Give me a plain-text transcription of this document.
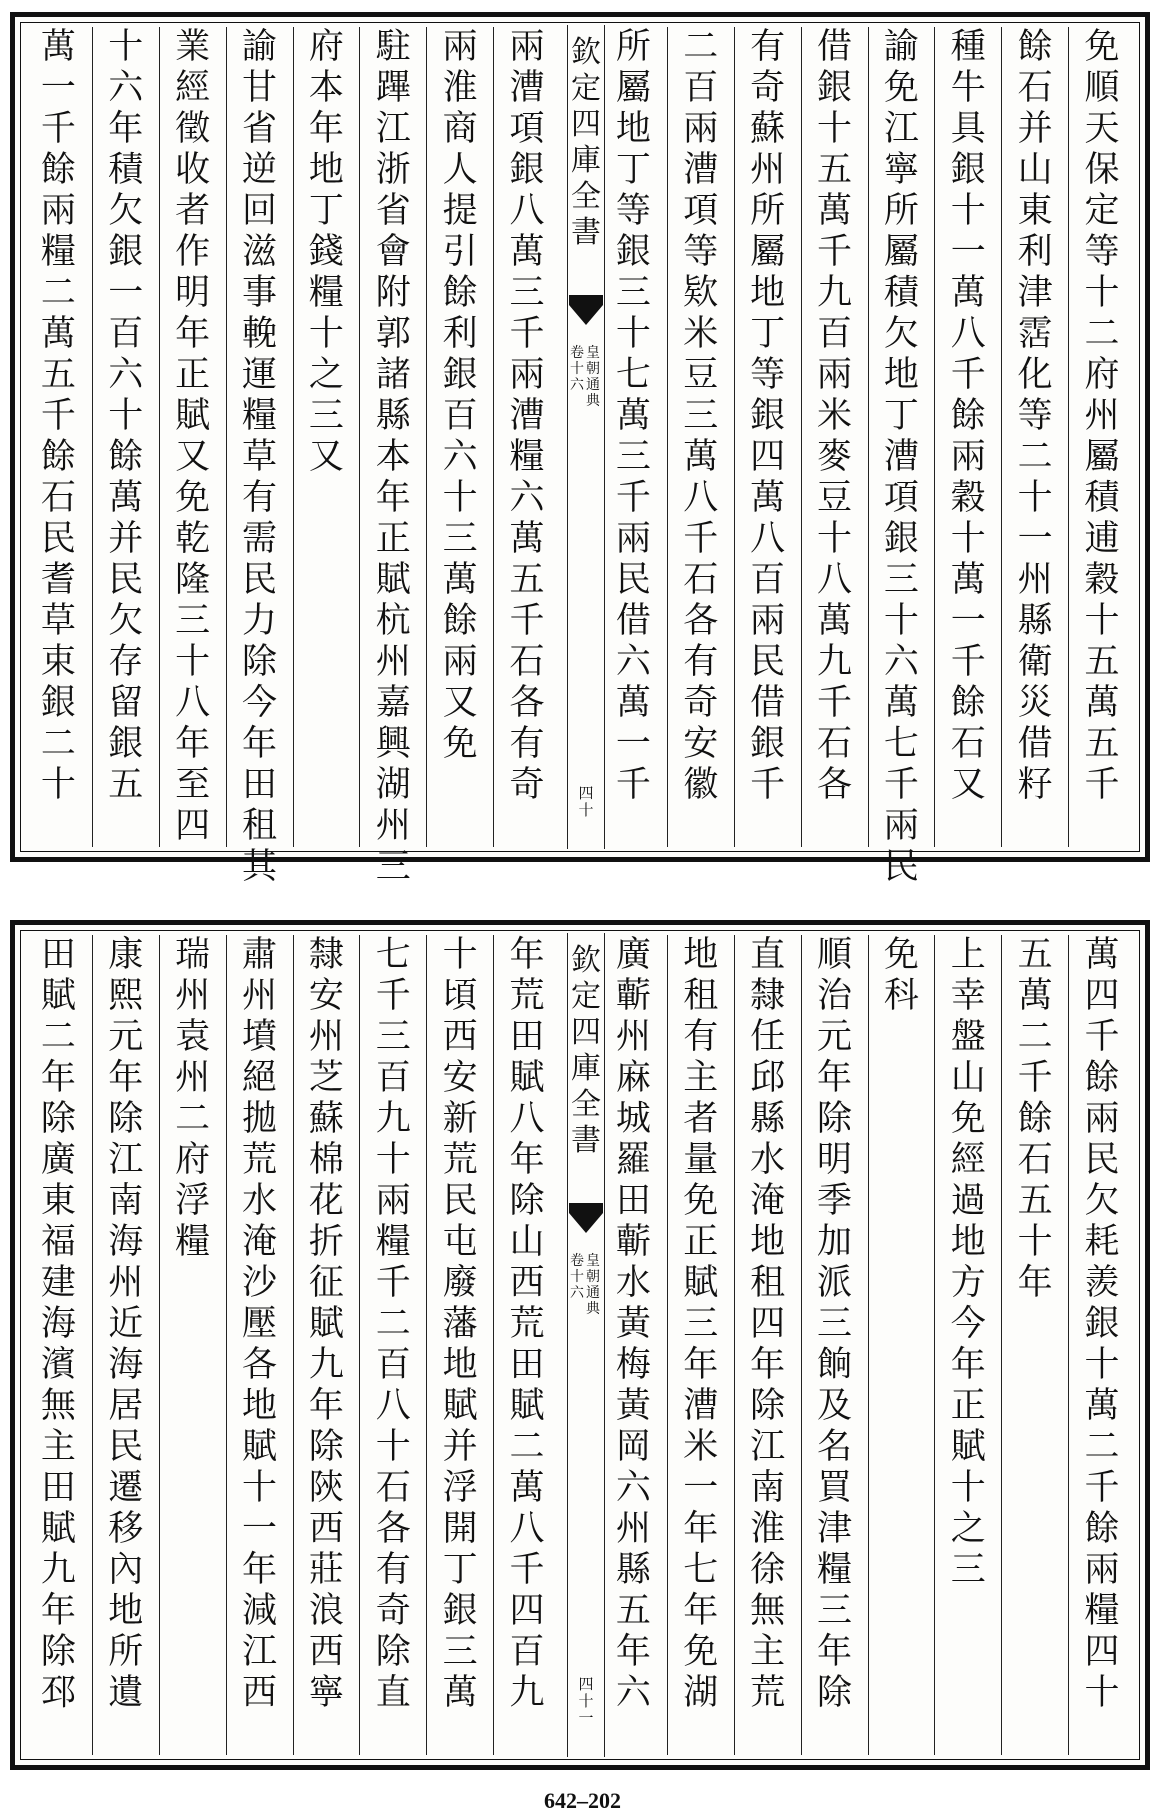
免
順
天
保
定
等
十
二
府
州
屬
積
逋
穀
十
五
萬
五
千
餘
石
并
山
東
利
津
霑
化
等
二
十
一
州
縣
衛
災
借
籽
種
牛
具
銀
十
一
萬
八
千
餘
兩
穀
十
萬
一
千
餘
石
又
諭
免
江
寧
所
屬
積
欠
地
丁
漕
項
銀
三
十
六
萬
七
千
兩
民
借
銀
十
五
萬
千
九
百
兩
米
麥
豆
十
八
萬
九
千
石
各
有
奇
蘇
州
所
屬
地
丁
等
銀
四
萬
八
百
兩
民
借
銀
千
二
百
兩
漕
項
等
欵
米
豆
三
萬
八
千
石
各
有
奇
安
徽
所
屬
地
丁
等
銀
三
十
七
萬
三
千
兩
民
借
六
萬
一
千
欽
定
四
庫
全
書
皇
朝
通
典
卷
十
六
四
十
兩
漕
項
銀
八
萬
三
千
兩
漕
糧
六
萬
五
千
石
各
有
奇
兩
淮
商
人
提
引
餘
利
銀
百
六
十
三
萬
餘
兩
又
免
駐
蹕
江
浙
省
會
附
郭
諸
縣
本
年
正
賦
杭
州
嘉
興
湖
州
三
府
本
年
地
丁
錢
糧
十
之
三
又
諭
甘
省
逆
回
滋
事
輓
運
糧
草
有
需
民
力
除
今
年
田
租
其
業
經
徵
收
者
作
明
年
正
賦
又
免
乾
隆
三
十
八
年
至
四
十
六
年
積
欠
銀
一
百
六
十
餘
萬
并
民
欠
存
留
銀
五
萬
一
千
餘
兩
糧
二
萬
五
千
餘
石
民
耆
草
束
銀
二
十
萬
四
千
餘
兩
民
欠
耗
羨
銀
十
萬
二
千
餘
兩
糧
四
十
五
萬
二
千
餘
石
五
十
年
上
幸
盤
山
免
經
過
地
方
今
年
正
賦
十
之
三
免
科
順
治
元
年
除
明
季
加
派
三
餉
及
名
買
津
糧
三
年
除
直
隸
任
邱
縣
水
淹
地
租
四
年
除
江
南
淮
徐
無
主
荒
地
租
有
主
者
量
免
正
賦
三
年
漕
米
一
年
七
年
免
湖
廣
蘄
州
麻
城
羅
田
蘄
水
黃
梅
黃
岡
六
州
縣
五
年
六
欽
定
四
庫
全
書
皇
朝
通
典
卷
十
六
四
十
一
年
荒
田
賦
八
年
除
山
西
荒
田
賦
二
萬
八
千
四
百
九
十
頃
西
安
新
荒
民
屯
廢
藩
地
賦
并
浮
開
丁
銀
三
萬
七
千
三
百
九
十
兩
糧
千
二
百
八
十
石
各
有
奇
除
直
隸
安
州
芝
蘇
棉
花
折
征
賦
九
年
除
陝
西
莊
浪
西
寧
肅
州
墳
絕
拋
荒
水
淹
沙
壓
各
地
賦
十
一
年
減
江
西
瑞
州
袁
州
二
府
浮
糧
康
熙
元
年
除
江
南
海
州
近
海
居
民
遷
移
內
地
所
遺
田
賦
二
年
除
廣
東
福
建
海
濱
無
主
田
賦
九
年
除
邳
642–202
